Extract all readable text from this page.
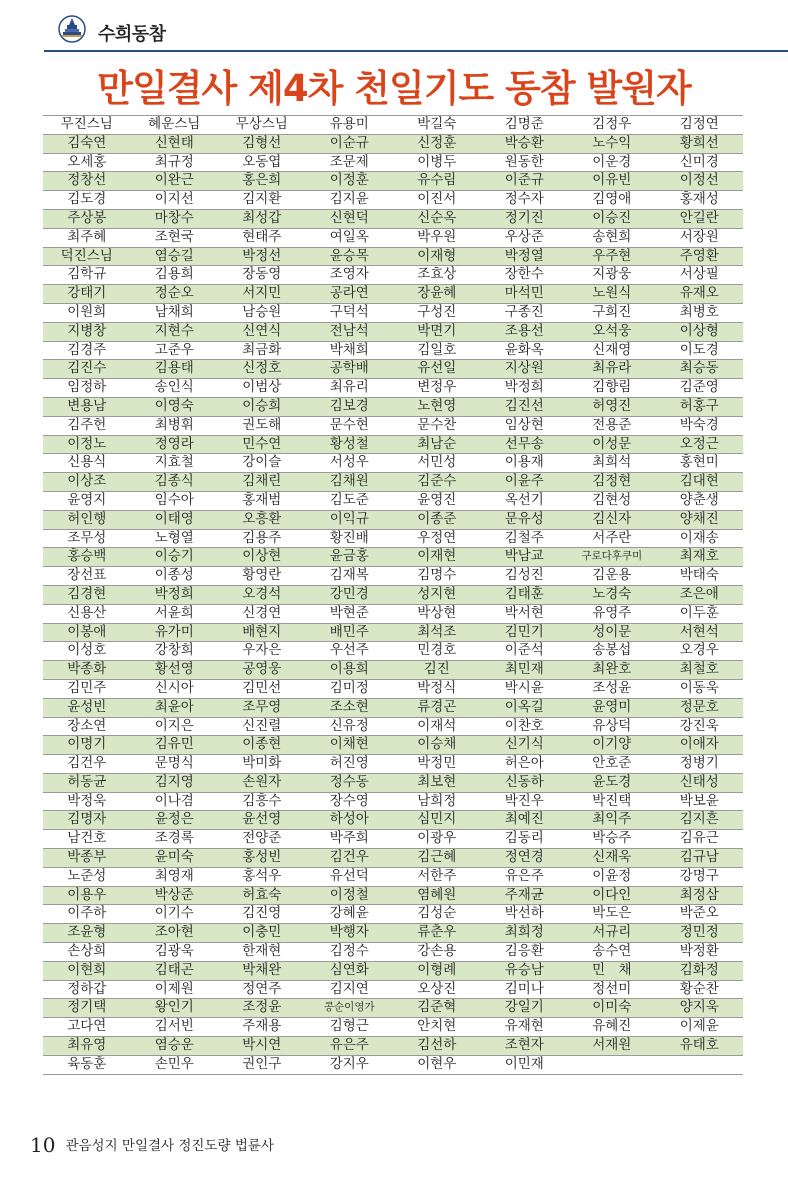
수희동참
만일결사 제4차 천일기도 동참 발원자
무진스님	혜운스님	무상스님	유용미	박길숙	김명준	김정우	김정연
김숙연	신현태	김형선	이순규	신정훈	박승환	노수익	황희선
오세홍	최규정	오동엽	조문제	이병두	원동한	이운경	신미경
정창선	이완근	홍은희	이정훈	유수림	이준규	이유빈	이정선
김도경	이지선	김지환	김지윤	이진서	정수자	김영애	홍재성
주상봉	마창수	최성갑	신현덕	신순옥	정기진	이승진	안길란
최주혜	조현국	현태주	여일옥	박우원	우상준	송현희	서장원
덕진스님	염승길	박정선	윤승목	이재형	박정열	우주현	주영환
김학규	김용희	장동영	조영자	조효상	장한수	지광웅	서상필
강태기	정순오	서지민	공라연	장윤혜	마석민	노원식	유재오
이원희	남채희	남승원	구덕석	구성진	구종진	구희진	최병호
지병창	지현수	신연식	전남석	박면기	조용선	오석웅	이상형
김경주	고준우	최금화	박채희	김일호	윤화옥	신재영	이도경
김진수	김용태	신정호	공학배	유선일	지상원	최유라	최승동
임정하	송인식	이범상	최유리	변정우	박정희	김향림	김준영
변용남	이영숙	이승희	김보경	노현영	김진선	허영진	허홍구
김주헌	최병휘	권도해	문수현	문수찬	임상현	전용준	박숙경
이정노	정영라	민수연	황성철	최남순	선무송	이성문	오정근
신용식	지효철	강이슬	서성우	서민성	이용재	최희석	홍현미
이상조	김종식	김채린	김채원	김준수	이윤주	김정현	김대현
윤영지	임수아	홍재범	김도준	윤영진	옥선기	김현성	양춘생
허인행	이태영	오흥환	이익규	이종준	문유성	김신자	양채진
조무성	노형열	김용주	황진배	우정연	김철주	서주란	이재송
홍승백	이승기	이상현	윤금홍	이재현	박남교	구로다후쿠미	최재호
장선표	이종성	황영란	김재복	김명수	김성진	김운용	박태숙
김경현	박정희	오경석	강민경	성지현	김태훈	노경숙	조은애
신용산	서윤희	신경연	박현준	박상현	박서현	유영주	이두훈
이봉애	유가미	배현지	배민주	최석조	김민기	성이문	서현석
이성호	강창희	우자은	우선주	민경호	이준석	송봉섭	오경우
박종화	황선영	공영웅	이용희	김진	최민재	최완호	최철호
김민주	신시아	김민선	김미정	박정식	박시윤	조성윤	이동욱
윤성빈	최윤아	조무영	조소현	류경곤	이옥길	윤영미	정문호
장소연	이지은	신진렬	신유정	이재석	이찬호	유상덕	강진욱
이명기	김유민	이종현	이채현	이승채	신기식	이기양	이애자
김건우	문명식	박미화	허진영	박정민	허은아	안호준	정병기
허동균	김지영	손원자	정수동	최보현	신동하	윤도경	신태성
박정욱	이나겸	김흥수	장수영	남희정	박진우	박진택	박보윤
김명자	윤정은	윤선영	하성아	심민지	최예진	최익주	김지흔
남건호	조경록	전양준	박주희	이광우	김동리	박승주	김유근
박종부	윤미숙	홍성빈	김건우	김근혜	정연경	신재욱	김규남
노준성	최영재	홍석우	유선덕	서한주	유은주	이윤정	강명구
이용우	박상준	허효숙	이정철	염혜원	주재균	이다인	최정삼
이주하	이기수	김진영	강혜윤	김성순	박선하	박도은	박준오
조윤형	조아현	이충민	박행자	류춘우	최희정	서규리	정민정
손상희	김광욱	한재현	김정수	강손용	김응환	송수연	박정환
이현희	김태곤	박채완	심연화	이형례	유승남	민　채	김화정
정하갑	이제원	정연주	김지연	오상진	김미나	정선미	황순찬
정기택	왕인기	조정윤	콩순이영가	김준혁	강일기	이미숙	양지욱
고다연	김서빈	주재용	김형근	안치현	유재현	유혜진	이제윤
최유영	염승운	박시연	유은주	김선하	조현자	서재원	유태호
육동훈	손민우	권인구	강지우	이현우	이민재		
10 관음성지 만일결사 정진도량 법륜사
